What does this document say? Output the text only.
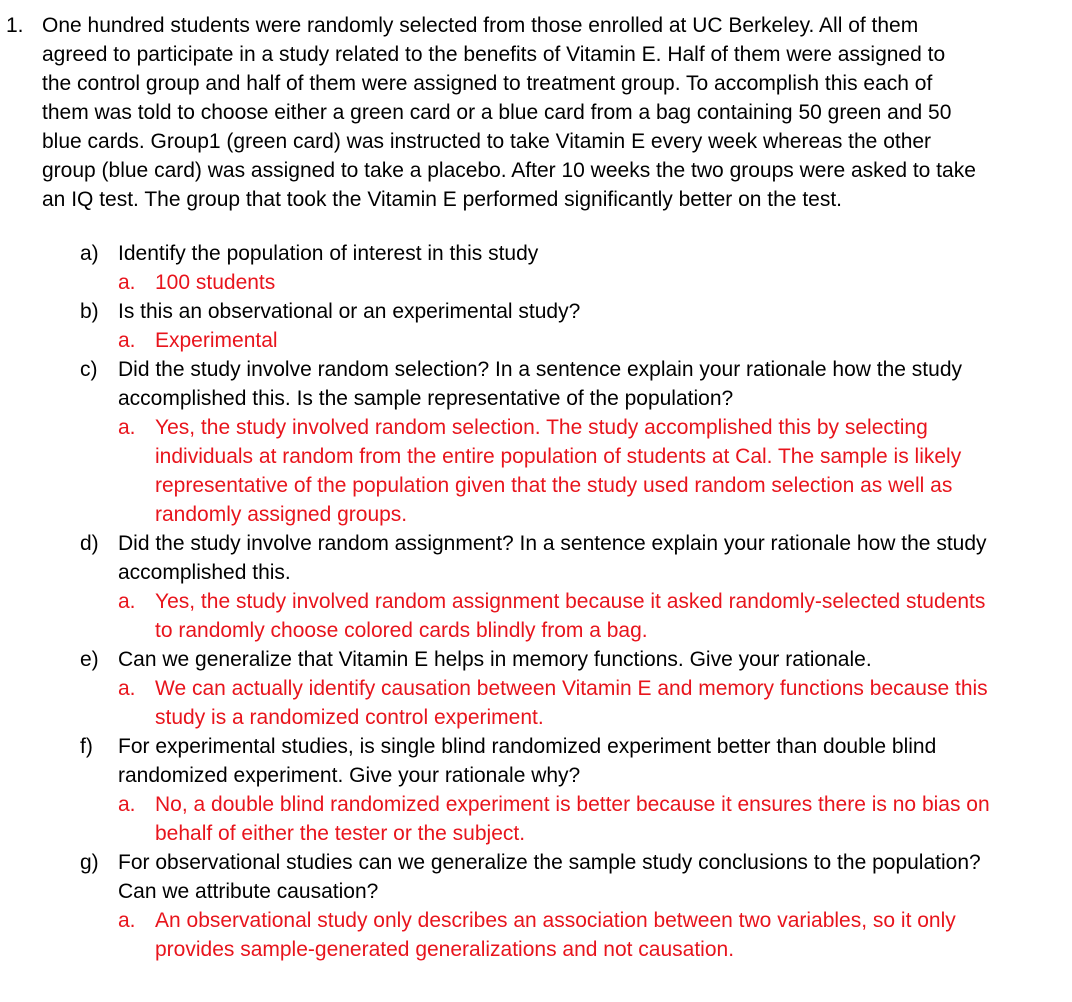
1. One hundred students were randomly selected from those enrolled at UC Berkeley. All of them agreed to participate in a study related to the benefits of Vitamin E. Half of them were assigned to the control group and half of them were assigned to treatment group. To accomplish this each of them was told to choose either a green card or a blue card from a bag containing 50 green and 50 blue cards. Group1 (green card) was instructed to take Vitamin E every week whereas the other group (blue card) was assigned to take a placebo. After 10 weeks the two groups were asked to take an IQ test. The group that took the Vitamin E performed significantly better on the test.

a) Identify the population of interest in this study
a. 100 students
b) Is this an observational or an experimental study?
a. Experimental
c) Did the study involve random selection? In a sentence explain your rationale how the study accomplished this. Is the sample representative of the population?
a. Yes, the study involved random selection. The study accomplished this by selecting individuals at random from the entire population of students at Cal. The sample is likely representative of the population given that the study used random selection as well as randomly assigned groups.
d) Did the study involve random assignment? In a sentence explain your rationale how the study accomplished this.
a. Yes, the study involved random assignment because it asked randomly-selected students to randomly choose colored cards blindly from a bag.
e) Can we generalize that Vitamin E helps in memory functions. Give your rationale.
a. We can actually identify causation between Vitamin E and memory functions because this study is a randomized control experiment.
f) For experimental studies, is single blind randomized experiment better than double blind randomized experiment. Give your rationale why?
a. No, a double blind randomized experiment is better because it ensures there is no bias on behalf of either the tester or the subject.
g) For observational studies can we generalize the sample study conclusions to the population? Can we attribute causation?
a. An observational study only describes an association between two variables, so it only provides sample-generated generalizations and not causation.
